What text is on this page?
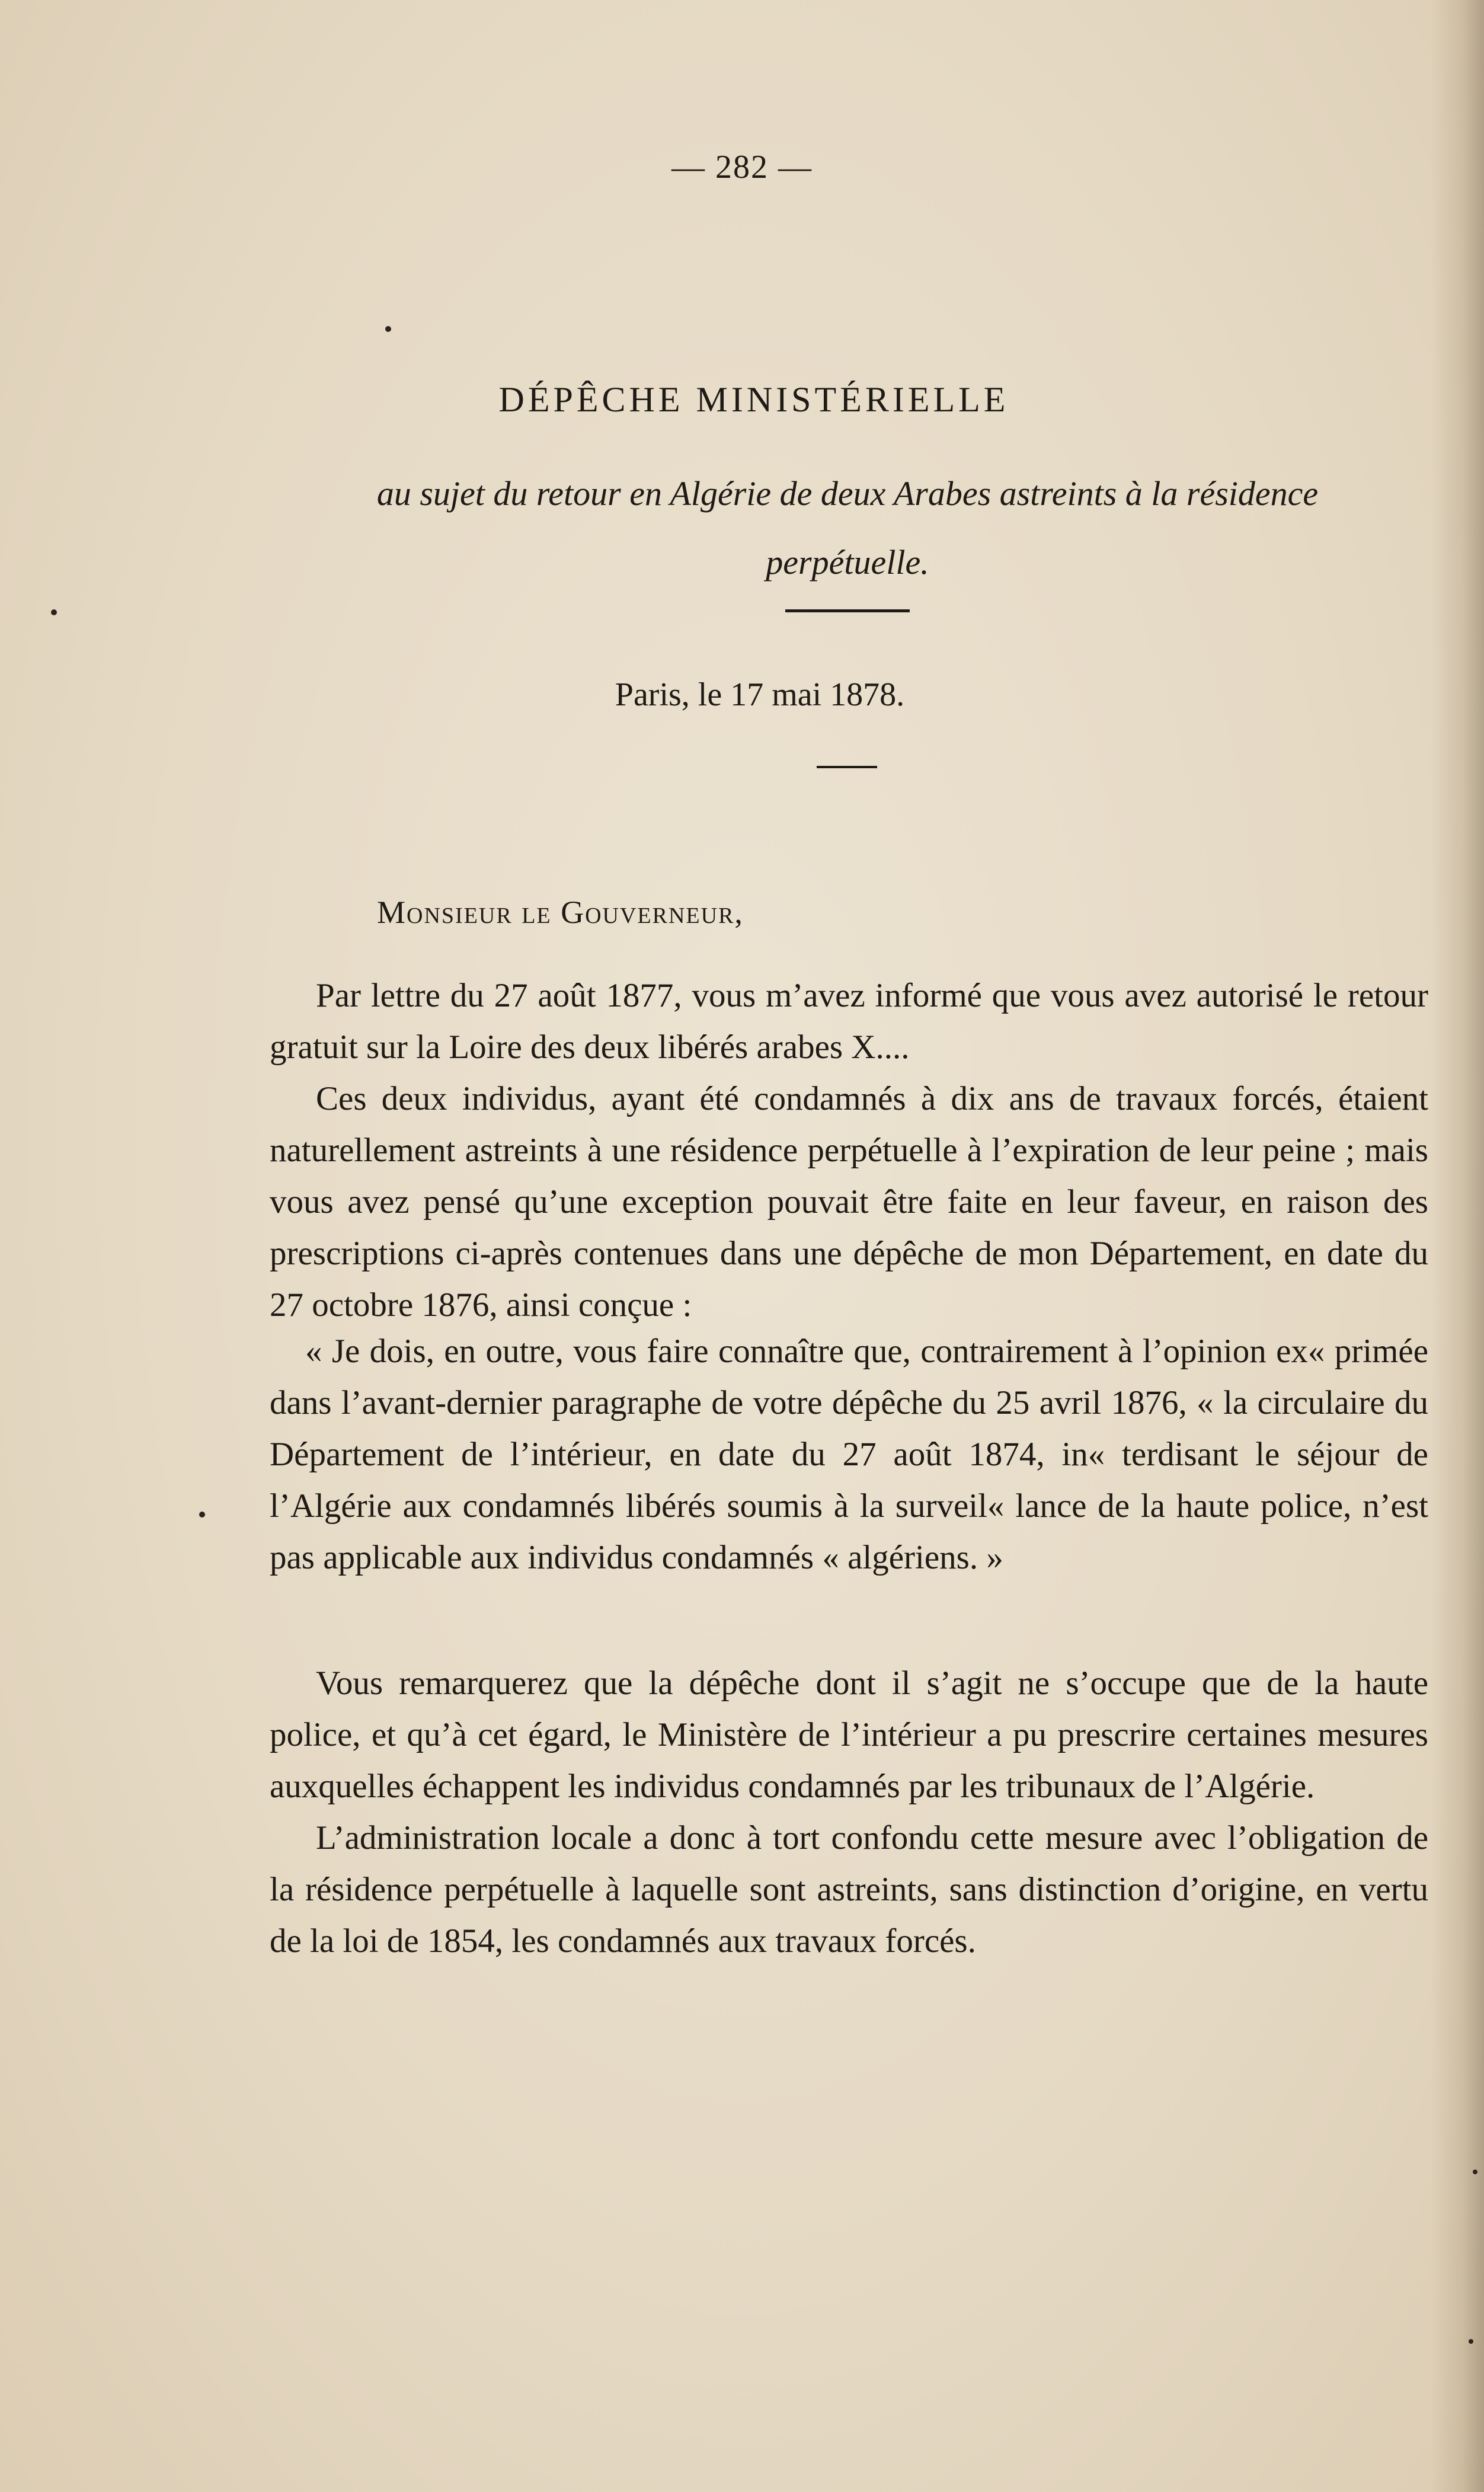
— 282 —
DÉPÊCHE MINISTÉRIELLE
au sujet du retour en Algérie de deux Arabes astreints à la résidence perpétuelle.
Paris, le 17 mai 1878.
Monsieur le Gouverneur,

Par lettre du 27 août 1877, vous m’avez informé que vous avez autorisé le retour gratuit sur la Loire des deux libérés arabes X....

Ces deux individus, ayant été condamnés à dix ans de travaux forcés, étaient naturellement astreints à une résidence perpétuelle à l’expiration de leur peine ; mais vous avez pensé qu’une exception pouvait être faite en leur faveur, en raison des prescriptions ci-après contenues dans une dépêche de mon Département, en date du 27 octobre 1876, ainsi conçue :

« Je dois, en outre, vous faire connaître que, contrairement à l’opinion ex« primée dans l’avant-dernier paragraphe de votre dépêche du 25 avril 1876, « la circulaire du Département de l’intérieur, en date du 27 août 1874, in« terdisant le séjour de l’Algérie aux condamnés libérés soumis à la surveil« lance de la haute police, n’est pas applicable aux individus condamnés « algériens. »

Vous remarquerez que la dépêche dont il s’agit ne s’occupe que de la haute police, et qu’à cet égard, le Ministère de l’intérieur a pu prescrire certaines mesures auxquelles échappent les individus condamnés par les tribunaux de l’Algérie.

L’administration locale a donc à tort confondu cette mesure avec l’obligation de la résidence perpétuelle à laquelle sont astreints, sans distinction d’origine, en vertu de la loi de 1854, les condamnés aux travaux forcés.
